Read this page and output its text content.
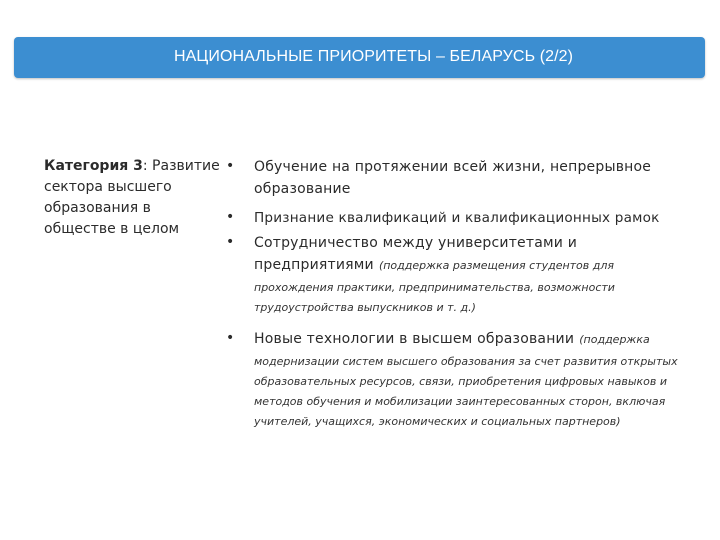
НАЦИОНАЛЬНЫЕ ПРИОРИТЕТЫ – БЕЛАРУСЬ (2/2)
Категория 3: Развитие сектора высшего образования в обществе в целом
• Обучение на протяжении всей жизни, непрерывное образование
• Признание квалификаций и квалификационных рамок
• Сотрудничество между университетами и предприятиями (поддержка размещения студентов для прохождения практики, предпринимательства, возможности трудоустройства выпускников и т. д.)
• Новые технологии в высшем образовании (поддержка модернизации систем высшего образования за счет развития открытых образовательных ресурсов, связи, приобретения цифровых навыков и методов обучения и мобилизации заинтересованных сторон, включая учителей, учащихся, экономических и социальных партнеров)
